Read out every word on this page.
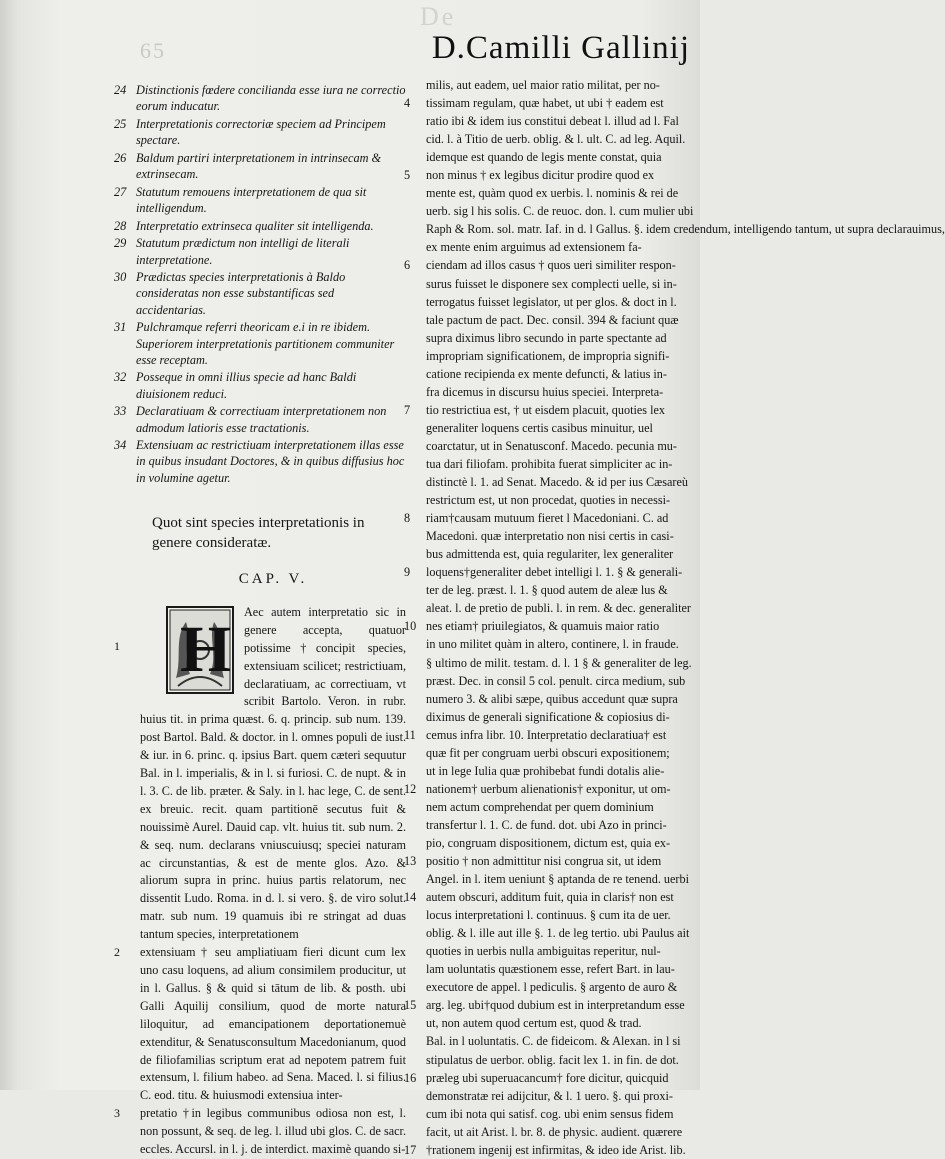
65
De
D.Camilli Gallinij
24 Distinctionis fœdere concilianda esse iura ne correctio eorum inducatur.
25 Interpretationis correctoriæ speciem ad Principem spectare.
26 Baldum partiri interpretationem in intrinsecam & extrinsecam.
27 Statutum remouens interpretationem de qua sit intelligendum.
28 Interpretatio extrinseca qualiter sit intelligenda.
29 Statutum prædictum non intelligi de literali interpretatione.
30 Prædictas species interpretationis à Baldo consideratas non esse substantificas sed accidentarias.
31 Pulchramque referri theoricam e.i in re ibidem. Superiorem interpretationis partitionem communiter esse receptam.
32 Posseque in omni illius specie ad hanc Baldi diuisionem reduci.
33 Declaratiuam & correctiuam interpretationem non admodum latioris esse tractationis.
34 Extensiuam ac restrictiuam interpretationem illas esse in quibus insudant Doctores, & in quibus diffusius hoc in volumine agetur.
Quot sint species interpretationis in genere consideratæ.
CAP. V.
1 H
Aec autem interpretatio sic in genere accepta, quatuor potissime†concipit species, extensiuam scilicet; restrictiuam, declaratiuam, ac correctiuam, vt scribit Bartolo. Veron. in rubr. huius tit. in prima quæst. 6. q. princip. sub num. 139. post Bartol. Bald. & doctor. in l. omnes populi de iust. & iur. in 6. princ. q. ipsius Bart. quem cæteri sequutur Bal. in l. imperialis, & in l. si furiosi. C. de nupt. & in l. 3. C. de lib. præter. & Saly. in l. hac lege, C. de sent. ex breuic. recit. quam partitionē secutus fuit & nouissimè Aurel. Dauid cap. vlt. huius tit. sub num. 2. & seq. num. declarans vniuscuiusq; speciei naturam ac circunstantias, & est de mente glos. Azo. & aliorum supra in princ. huius partis relatorum, nec dissentit Ludo. Roma. in d. l. si vero. §. de viro solut. matr. sub num. 19 quamuis ibi re stringat ad duas tantum species, interpretationem
2 extensiuam † seu ampliatiuam fieri dicunt cum lex uno casu loquens, ad alium consimilem producitur, ut in l. Gallus. § & quid si tātum de lib. & posth. ubi Galli Aquilij consilium, quod de morte natura liloquitur, ad emancipationem deportationemuè extenditur, & Senatusconsultum Macedonianum, quod de filiofamilias scriptum erat ad nepotem patrem fuit extensum, l. filium habeo. ad Sena. Maced. l. si filius. C. eod. titu. & huiusmodi extensiua inter-
3 pretatio †in legibus communibus odiosa non est, l. non possunt, & seq. de leg. l. illud ubi glos. C. de sacr. eccles. Accursl. in l. j. de interdict. maximè quando si-
milis, aut eadem, uel maior ratio militat, per no-
4 tissimam regulam, quæ habet, ut ubi † eadem est
ratio ibi & idem ius constitui debeat l. illud ad l. Fal
cid. l. à Titio de uerb. oblig. & l. ult. C. ad leg. Aquil.
idemque est quando de legis mente constat, quia
5 non minus † ex legibus dicitur prodire quod ex
mente est, quàm quod ex uerbis. l. nominis & rei de
uerb. sig l his solis. C. de reuoc. don. l. cum mulier ubi
Raph & Rom. sol. matr. Iaf. in d. l Gallus. §. idem credendum, intelligendo tantum, ut supra declarauimus,
ex mente enim arguimus ad extensionem fa-
6 ciendam ad illos casus † quos ueri similiter respon-
surus fuisset le disponere sex complecti uelle, si in-
terrogatus fuisset legislator, ut per glos. & doct in l.
tale pactum de pact. Dec. consil. 394 & faciunt quæ
supra diximus libro secundo in parte spectante ad
impropriam significationem, de impropria signifi-
catione recipienda ex mente defuncti, & latius in-
fra dicemus in discursu huius speciei. Interpreta-
7 tio restrictiua est, † ut eisdem placuit, quoties lex
generaliter loquens certis casibus minuitur, uel
coarctatur, ut in Senatusconf. Macedo. pecunia mu-
tua dari filiofam. prohibita fuerat simpliciter ac in-
distinctè l. 1. ad Senat. Macedo. & id per ius Cæsareù
restrictum est, ut non procedat, quoties in necessi-
8 riam†causam mutuum fieret l Macedoniani. C. ad
Macedoni. quæ interpretatio non nisi certis in casi-
bus admittenda est, quia regulariter, lex generaliter
9 loquens†generaliter debet intelligi l. 1. § & generali-
ter de leg. præst. l. 1. § quod autem de aleæ lus &
aleat. l. de pretio de publi. l. in rem. & dec. generaliter
10 nes etiam† priuilegiatos, & quamuis maior ratio
in uno militet quàm in altero, continere, l. in fraude.
§ ultimo de milit. testam. d. l. 1 § & generaliter de leg.
præst. Dec. in consil 5 col. penult. circa medium, sub
numero 3. & alibi sæpe, quibus accedunt quæ supra
diximus de generali significatione & copiosius di-
11 cemus infra libr. 10. Interpretatio declaratiua† est
quæ fit per congruam uerbi obscuri expositionem;
ut in lege Iulia quæ prohibebat fundi dotalis alie-
12 nationem† uerbum alienationis† exponitur, ut om-
nem actum comprehendat per quem dominium
transfertur l. 1. C. de fund. dot. ubi Azo in princi-
pio, congruam dispositionem, dictum est, quia ex-
13 positio † non admittitur nisi congrua sit, ut idem
Angel. in l. item ueniunt § aptanda de re tenend. uerbi
14 autem obscuri, additum fuit, quia in claris† non est
locus interpretationi l. continuus. § cum ita de uer.
oblig. & l. ille aut ille §. 1. de leg tertio. ubi Paulus ait
quoties in uerbis nulla ambiguitas reperitur, nul-
lam uoluntatis quæstionem esse, refert Bart. in lau-
executore de appel. l pediculis. § argento de auro &
15 arg. leg. ubi†quod dubium est in interpretandum esse
ut, non autem quod certum est, quod & trad.
Bal. in l uoluntatis. C. de fideicom. & Alexan. in l si
stipulatus de uerbor. oblig. facit lex 1. in fin. de dot.
16 præleg ubi superuacancum† fore dicitur, quicquid
demonstratæ rei adijcitur, & l. 1 uero. §. qui proxi-
cum ibi nota qui satisf. cog. ubi enim sensus fidem
facit, ut ait Arist. l. br. 8. de physic. audient. quærere
17 †rationem ingenij est infirmitas, & ideo ide Arist. lib.
